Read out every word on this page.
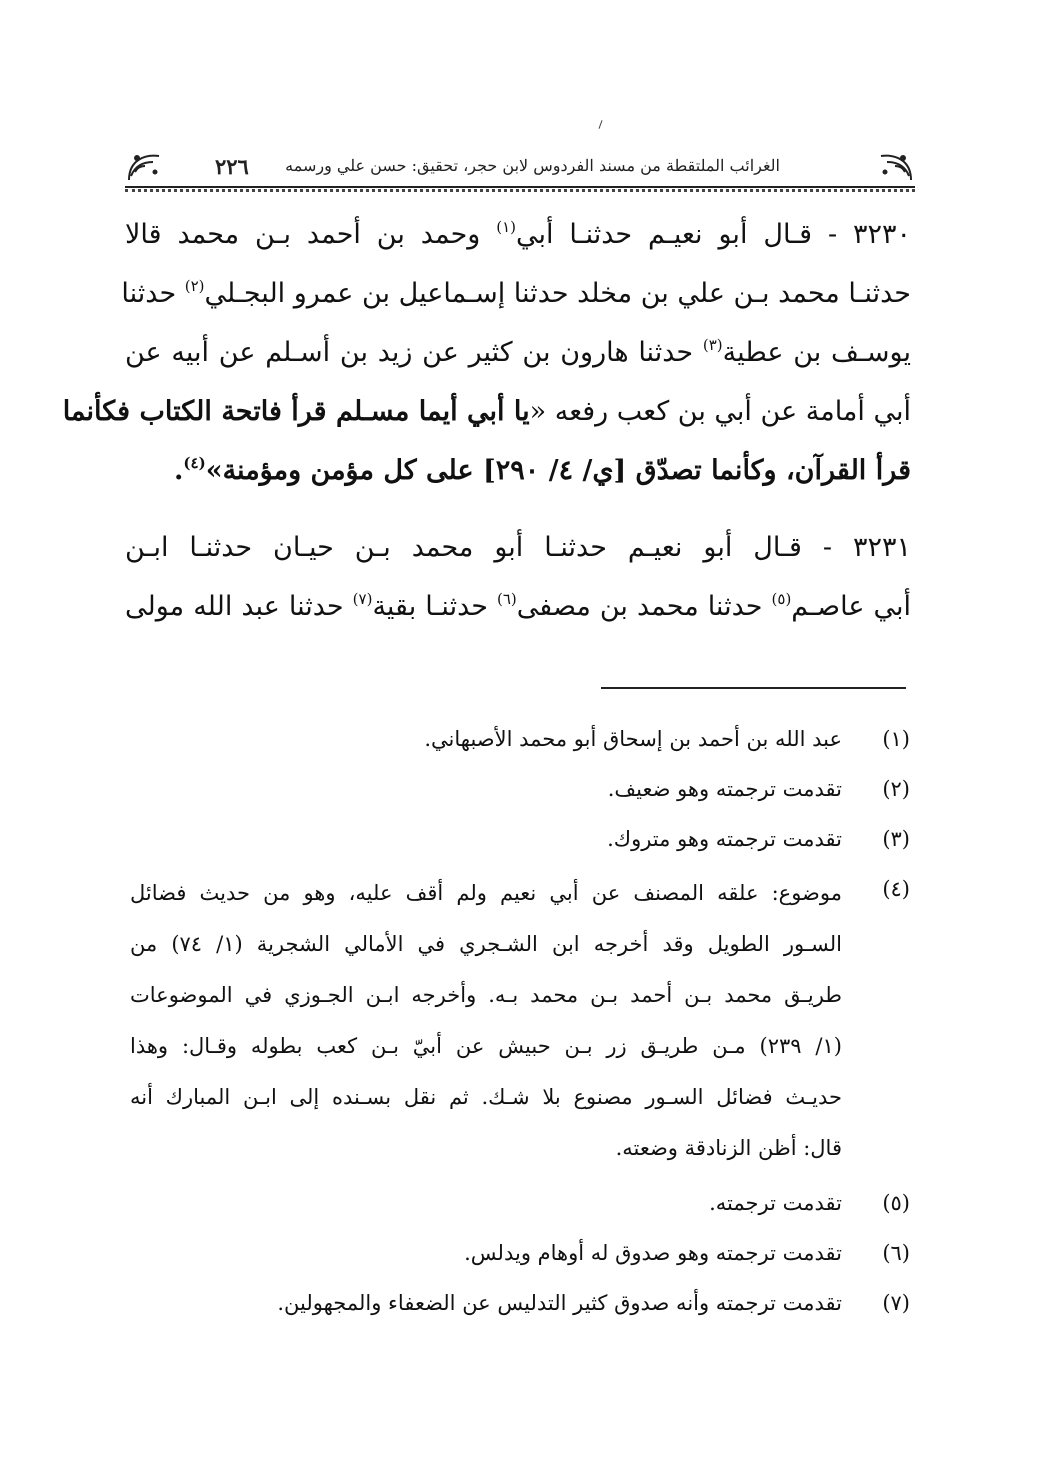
٢٢٦ الغرائب الملتقطة من مسند الفردوس لابن حجر، تحقيق: حسن علي ورسمه
٣٢٣٠ - قـال أبو نعيـم حدثنـا أبي$^{(١)}$ وحمد بن أحمد بـن محمد قالا
حدثنـا محمد بـن علي بن مخلد حدثنا إسـماعيل بن عمرو البجـلي$^{(٢)}$ حدثنا
يوسـف بن عطية$^{(٣)}$ حدثنا هارون بن كثير عن زيد بن أسـلم عن أبيه عن
أبي أمامة عن أبي بن كعب رفعه «يا أبي أيما مسـلم قرأ فاتحة الكتاب فكأنما
قرأ القرآن، وكأنما تصدّق [ي/ ٤/ ٢٩٠] على كل مؤمن ومؤمنة»$^{(٤)}$.
٣٢٣١ - قـال أبو نعيـم حدثنـا أبو محمد بـن حيـان حدثنـا ابـن
أبي عاصـم$^{(٥)}$ حدثنا محمد بن مصفى$^{(٦)}$ حدثنـا بقية$^{(٧)}$ حدثنا عبد الله مولى
(١)
عبد الله بن أحمد بن إسحاق أبو محمد الأصبهاني.
(٢)
تقدمت ترجمته وهو ضعيف.
(٣)
تقدمت ترجمته وهو متروك.
(٤)
موضوع: علقه المصنف عن أبي نعيم ولم أقف عليه، وهو من حديث فضائل
السـور الطويل وقد أخرجه ابن الشـجري في الأمالي الشجرية (١/ ٧٤) من
طريـق محمد بـن أحمد بـن محمد بـه. وأخرجه ابـن الجـوزي في الموضوعات
(١/ ٢٣٩) مـن طريـق زر بـن حبيش عن أبيّ بـن كعب بطوله وقـال: وهذا
حديـث فضائل السـور مصنوع بلا شـك. ثم نقل بسـنده إلى ابـن المبارك أنه
قال: أظن الزنادقة وضعته.
(٥)
تقدمت ترجمته.
(٦)
تقدمت ترجمته وهو صدوق له أوهام ويدلس.
(٧)
تقدمت ترجمته وأنه صدوق كثير التدليس عن الضعفاء والمجهولين.
